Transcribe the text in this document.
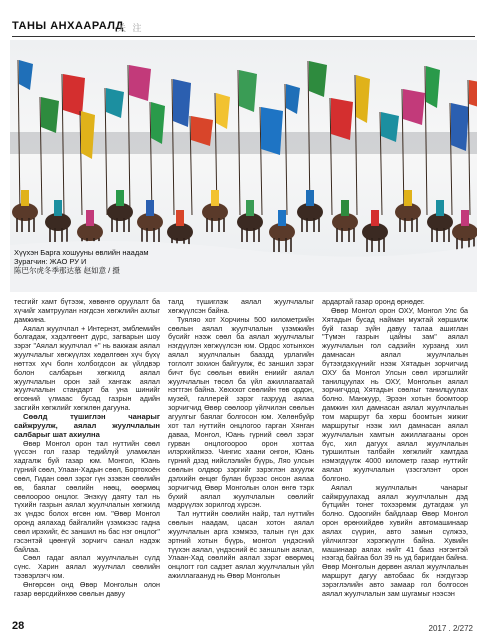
ТАНЫ АНХААРАЛД
关 注
Хүүхэн Барга хошууны өвлийн наадам
Зурагчин: ЖАО РУ И
陈巴尔虎冬季那达慕 赵如意 / 摄

тесгийг хамт бүтээж, хөвөнгө оруулалт ба хүчийг хамтруулан нэгдсэн хөгжлийн ахлыг дамжина.

Аялал жуулчлал + Интернэт, эмблемийн болгадаж, хэдэлгөөнт дүрс, загварын шоу зэрэг "Аялал жуулчлал +" нь вакжаж аялал жуулчлалыг хөгжүүлэх хөдөлгөөн хүч бүхү нөттэх хүч болн холбогдсон ак үйлдвэр болон салбарын хөгжилд аялал жуулчлалын орон зай хангаж аялал жуулчлалын стандарт ба уна шинийг өгсөний үлмаас бусад газрын адийн засгийн хөгжлийг хөгжлөн дагууна.

Сөөлд түшиглэн чанарыг сайжруулж, аялал жуулчлалын салбарыг шат ахиулна

Өвөр Монгол орон тал нуттийн сөөл үүссэн гол газар тедийлүй уламжлан хадгалж буй газар юм. Монгол, Юань гүрний сөөл, Улаан-Хадын сөөл, Бортохоён сөөл, Гидан сөөл зэрэг гүн эзэвэн сөөлийн өв, баялаг сөөлийн нөөц, өөөрмөц сөөлоороо онцлог. Энэхүү даяту тал нь түхийн газрын аялал жуулчлалын хөгжилд эх үндэс болох өгсөн юм. "Өвөр Монгол оронд аялахад байгалийн үзэмжээс гадна сөөл ирэхийг, ёс заншил нь бас нэг онцлог" гэсэнтэй цөөнгүй зорчигч санал нэдэж байлаа.

Сөөл гадаг аялал жуулчлалын сүлд сүнс. Харин аялал жуулчлал сөөлийн тээвэрлэгч юм.

Өнгөрсөн онд Өвөр Монголын олон газар өөрсдийнхөө сөөлын давуу

талд түшиглэж аялал жуулчлалыг хөгжүүлсэн байна.

Туяляо хот Хорчины 500 километрийн сөөлын аялал жуулчлалын үзэмжийн бүсийг нээж сөөл ба аялал жуулчлалыг нэгдүүлэн хөгжүүлсэн юм. Ордос хотынхон аялал жуулчлалын бааздд урлагийн тоглолт зохион байгуулж, ёс заншил зэрэг бичт бүс сөөлын өвийн ениийг аялал жуулчлалын төсөл ба үйл ажиллагаатай нэгтгэн байна. Хөхххот сөөлийн төв ордон, музей, галлерей зэрэг газрууд аялаа зорчигчид Өвөр сөөлоор үйлчилэн сөөлын агуулгыг баялаг болгосон юм. Хөлөнбуйр хот тал нуттийн онцлогоо гарган Хянган даваа, Монгол, Юань гүрний сөөл зэрэг гурван онцлогоороо орон хоттаа илэрхийлжээ. Чингис хаани онгон, Юань гүрний дзэд нийслэлийн бүүрь, Ляо улсын сөөлын олдвор зэргийг зэрэглэн ахуулж дэлхийн өнцөг булан бүрээс онсон аялаа зорчигчид Өвөр Монголын олон өнгө тэрх бүхий аялал жуулчлалын сөөлийг мэдрүүлэх зорилгод хүрсэн.

Тал нуттийн сөөлийн найр, тал нуттийн сөөлын наадам, цасан хотон аялал жуулчлалын арга хэмжээ, талын гүн дэх эртний хотын бүүрь, монгол үндэсний түүхэн аялал, үндэсний ёс заншлын аялал, Улаан-Хад сөөлийн аялал зэрэг өвөрмөц онцлогт гол садзет аялал жуулчлалын үйл ажиллагаануд нь Өвөр Монголын

ардартай газар оронд өрнөдег.

Өвөр Монгол орон ОХУ, Монгол Улс ба Хятадын бусад найман мужтай хөршилж буй газар зүйн давуу талаа ашиглан "Түмэн газрын цайны зам" аялал жуулчлалын гол садзийн хурзанд хил дамнасан аялал жуулчлалын бүтээгдэхүүнийг нээж Хятадын зорчигчид ОХУ ба Монгол Улсын сөөл ирэгшлийг танилцуулах нь ОХУ, Монголын аялал зорчигчдод Хятадын сөөлыг танилцуулах болно. Манжуур, Эрээн хотын боомтоор дамжин хил дамнасан аялал жуулчлалын том маршрут ба хөрш боомтын жижиг маршрутыг нээж хил дамнасан аялал жуулчлалын хамтын ажиллагааны орон бүс, хил дагуух аялал жуулчлалын туршилтын талбайн хөгжлийг хамтдаа нэмэгдүүлж 4000 километр газар нуттийг аялал жуулчлалын үзэсгэлэнт орон болгоно.

Аялал жуулчлалын чанарыг сайжруулахад аялал жуулчлалын дэд бүтцийн тонег тохээрөмж дутагдаж ул болно. Одоогийн байдлаар Өвөр Монгол орон өрөнхийдөө хувийн автомашинаар аялах сүүрин, авто замын сүлжээ, үйлчилгээг хэрэгжүүлн байна. Хувийн машинаар аялах нийт 41 бааз нэгэнтэй нээгэд байгаа бол 39 нь уд баригдан байна. Өвөр Монголын дөрвөн аялал жуулчлалын маршрут дагуу автобаас бх нэгдүгээр зэрэглэлийн авто замаар гол болгосон аялал жуулчлалын зам шугамыг нээсэн

28	2017 . 2/272
